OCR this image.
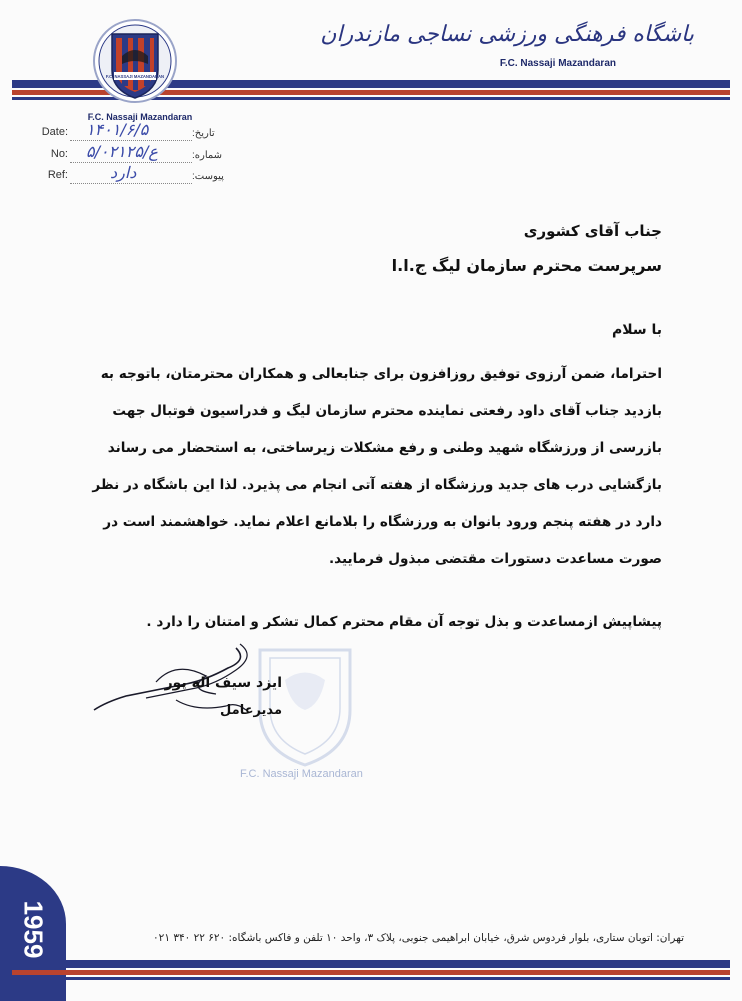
F.C. NASSAJI MAZANDARAN
F.C. Nassaji Mazandaran
باشگاه فرهنگی ورزشی نساجی مازندران
F.C. Nassaji Mazandaran
Date: ۱۴۰۱/۶/۵	تاریخ:
No: ۵/ع/۰۲۱۲۵	شماره:
Ref:	دارد	پیوست:
F.C. Nassaji Mazandaran
جناب آقای کشوری
سرپرست محترم سازمان لیگ ج.ا.ا
با سلام
احتراما، ضمن آرزوی توفیق روزافزون برای جنابعالی و همکاران محترمتان، باتوجه به
بازدید جناب آقای داود رفعتی نماینده محترم سازمان لیگ و فدراسیون فوتبال جهت
بازرسی از ورزشگاه شهید وطنی و رفع مشکلات زیرساختی، به استحضار می رساند
بازگشایی درب های جدید ورزشگاه از هفته آتی انجام می پذیرد. لذا این باشگاه در نظر
دارد در هفته پنجم ورود بانوان به ورزشگاه را بلامانع اعلام نماید. خواهشمند است در
صورت مساعدت دستورات مقتضی مبذول فرمایید.
پیشاپیش ازمساعدت و بذل توجه آن مقام محترم کمال تشکر و امتنان را دارد .
ایزد سیف اله پور
مدیرعامل
1959	تهران: اتوبان ستاری، بلوار فردوس شرق، خیابان ابراهیمی جنوبی، پلاک ۳، واحد ۱۰ تلفن و فاکس باشگاه: ۶۲۰ ۲۲ ۳۴۰ ۰۲۱
